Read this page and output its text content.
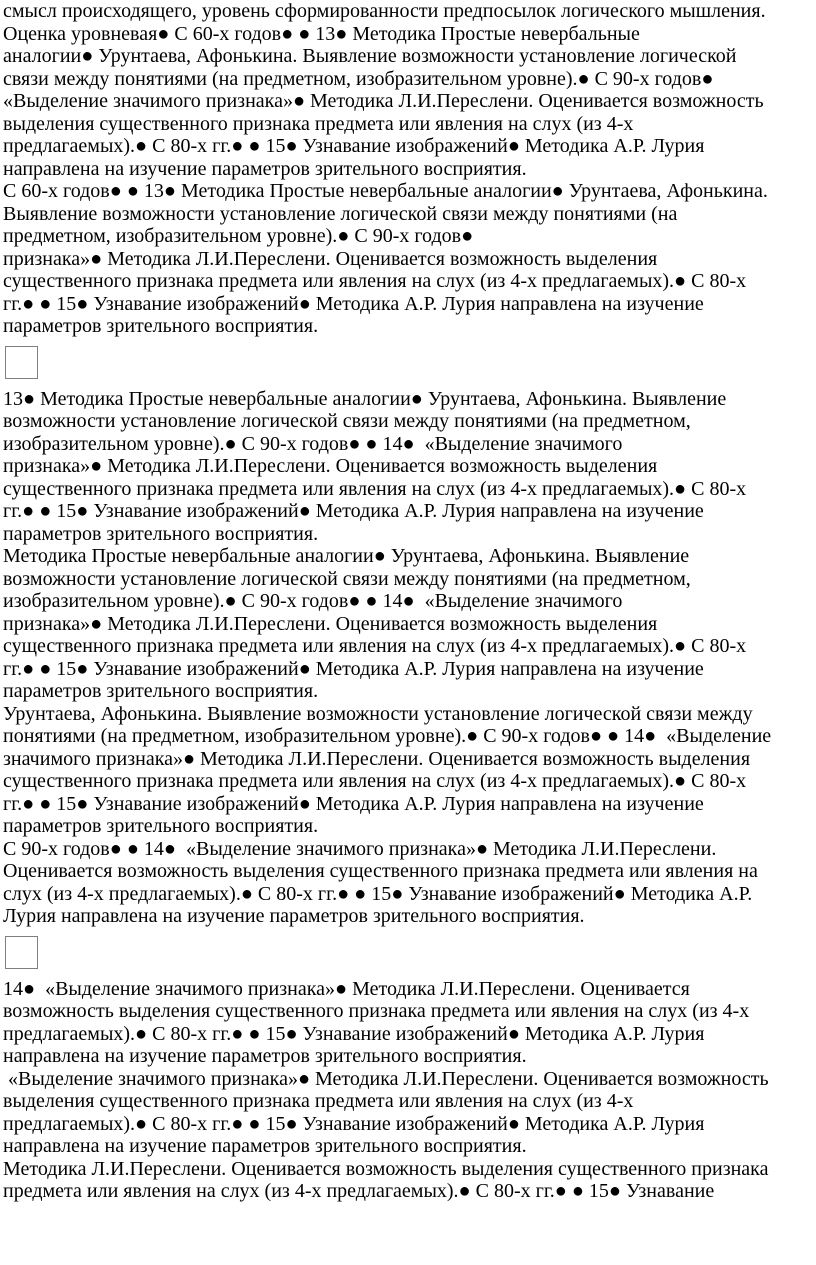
смысл происходящего, уровень сформированности предпосылок логического мышления.
Оценка уровневая● С 60-х годов● ● 13● Методика Простые невербальные
аналогии● Урунтаева, Афонькина. Выявление возможности установление логической
связи между понятиями (на предметном, изобразительном уровне).● С 90-х годов●
«Выделение значимого признака»● Методика Л.И.Переслени. Оценивается возможность
выделения существенного признака предмета или явления на слух (из 4-х
предлагаемых).● С 80-х гг.● ● 15● Узнавание изображений● Методика А.Р. Лурия
направлена на изучение параметров зрительного восприятия.
С 60-х годов● ● 13● Методика Простые невербальные аналогии● Урунтаева, Афонькина.
Выявление возможности установление логической связи между понятиями (на
предметном, изобразительном уровне).● С 90-х годов●
признака»● Методика Л.И.Переслени. Оценивается возможность выделения
существенного признака предмета или явления на слух (из 4-х предлагаемых).● С 80-х
гг.● ● 15● Узнавание изображений● Методика А.Р. Лурия направлена на изучение
параметров зрительного восприятия.
13● Методика Простые невербальные аналогии● Урунтаева, Афонькина. Выявление
возможности установление логической связи между понятиями (на предметном,
изобразительном уровне).● С 90-х годов● ● 14●  «Выделение значимого
признака»● Методика Л.И.Переслени. Оценивается возможность выделения
существенного признака предмета или явления на слух (из 4-х предлагаемых).● С 80-х
гг.● ● 15● Узнавание изображений● Методика А.Р. Лурия направлена на изучение
параметров зрительного восприятия.
Методика Простые невербальные аналогии● Урунтаева, Афонькина. Выявление
возможности установление логической связи между понятиями (на предметном,
изобразительном уровне).● С 90-х годов● ● 14●  «Выделение значимого
признака»● Методика Л.И.Переслени. Оценивается возможность выделения
существенного признака предмета или явления на слух (из 4-х предлагаемых).● С 80-х
гг.● ● 15● Узнавание изображений● Методика А.Р. Лурия направлена на изучение
параметров зрительного восприятия.
Урунтаева, Афонькина. Выявление возможности установление логической связи между
понятиями (на предметном, изобразительном уровне).● С 90-х годов● ● 14●  «Выделение
значимого признака»● Методика Л.И.Переслени. Оценивается возможность выделения
существенного признака предмета или явления на слух (из 4-х предлагаемых).● С 80-х
гг.● ● 15● Узнавание изображений● Методика А.Р. Лурия направлена на изучение
параметров зрительного восприятия.
С 90-х годов● ● 14●  «Выделение значимого признака»● Методика Л.И.Переслени.
Оценивается возможность выделения существенного признака предмета или явления на
слух (из 4-х предлагаемых).● С 80-х гг.● ● 15● Узнавание изображений● Методика А.Р.
Лурия направлена на изучение параметров зрительного восприятия.
14●  «Выделение значимого признака»● Методика Л.И.Переслени. Оценивается
возможность выделения существенного признака предмета или явления на слух (из 4-х
предлагаемых).● С 80-х гг.● ● 15● Узнавание изображений● Методика А.Р. Лурия
направлена на изучение параметров зрительного восприятия.
«Выделение значимого признака»● Методика Л.И.Переслени. Оценивается возможность
выделения существенного признака предмета или явления на слух (из 4-х
предлагаемых).● С 80-х гг.● ● 15● Узнавание изображений● Методика А.Р. Лурия
направлена на изучение параметров зрительного восприятия.
Методика Л.И.Переслени. Оценивается возможность выделения существенного признака
предмета или явления на слух (из 4-х предлагаемых).● С 80-х гг.● ● 15● Узнавание
